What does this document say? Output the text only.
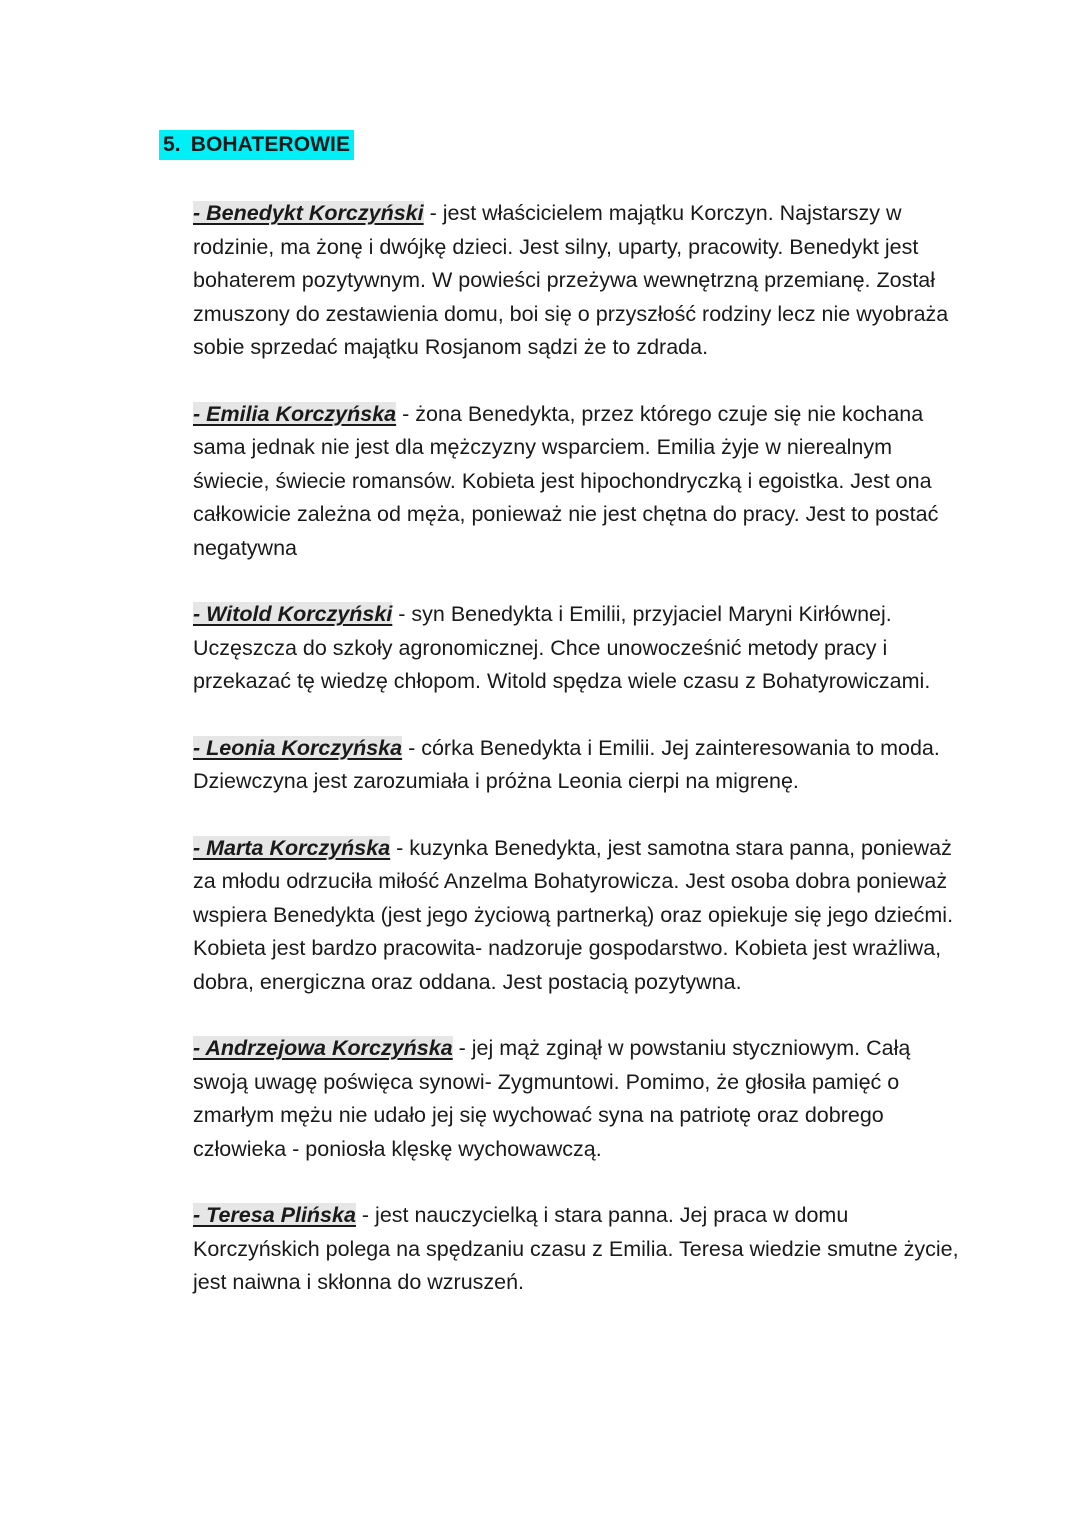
5. BOHATEROWIE

- Benedykt Korczyński - jest właścicielem majątku Korczyn. Najstarszy w rodzinie, ma żonę i dwójkę dzieci. Jest silny, uparty, pracowity. Benedykt jest bohaterem pozytywnym. W powieści przeżywa wewnętrzną przemianę. Został zmuszony do zestawienia domu, boi się o przyszłość rodziny lecz nie wyobraża sobie sprzedać majątku Rosjanom sądzi że to zdrada.

- Emilia Korczyńska - żona Benedykta, przez którego czuje się nie kochana sama jednak nie jest dla mężczyzny wsparciem. Emilia żyje w nierealnym świecie, świecie romansów. Kobieta jest hipochondryczką i egoistka. Jest ona całkowicie zależna od męża, ponieważ nie jest chętna do pracy. Jest to postać negatywna

- Witold Korczyński - syn Benedykta i Emilii, przyjaciel Maryni Kirłównej. Uczęszcza do szkoły agronomicznej. Chce unowocześnić metody pracy i przekazać tę wiedzę chłopom. Witold spędza wiele czasu z Bohatyrowiczami.

- Leonia Korczyńska - córka Benedykta i Emilii. Jej zainteresowania to moda. Dziewczyna jest zarozumiała i próżna Leonia cierpi na migrenę.

- Marta Korczyńska - kuzynka Benedykta, jest samotna stara panna, ponieważ za młodu odrzuciła miłość Anzelma Bohatyrowicza. Jest osoba dobra ponieważ wspiera Benedykta (jest jego życiową partnerką) oraz opiekuje się jego dziećmi. Kobieta jest bardzo pracowita- nadzoruje gospodarstwo. Kobieta jest wrażliwa, dobra, energiczna oraz oddana. Jest postacią pozytywna.

- Andrzejowa Korczyńska - jej mąż zginął w powstaniu styczniowym. Całą swoją uwagę poświęca synowi- Zygmuntowi. Pomimo, że głosiła pamięć o zmarłym mężu nie udało jej się wychować syna na patriotę oraz dobrego człowieka - poniosła klęskę wychowawczą.

- Teresa Plińska - jest nauczycielką i stara panna. Jej praca w domu Korczyńskich polega na spędzaniu czasu z Emilia. Teresa wiedzie smutne życie, jest naiwna i skłonna do wzruszeń.
